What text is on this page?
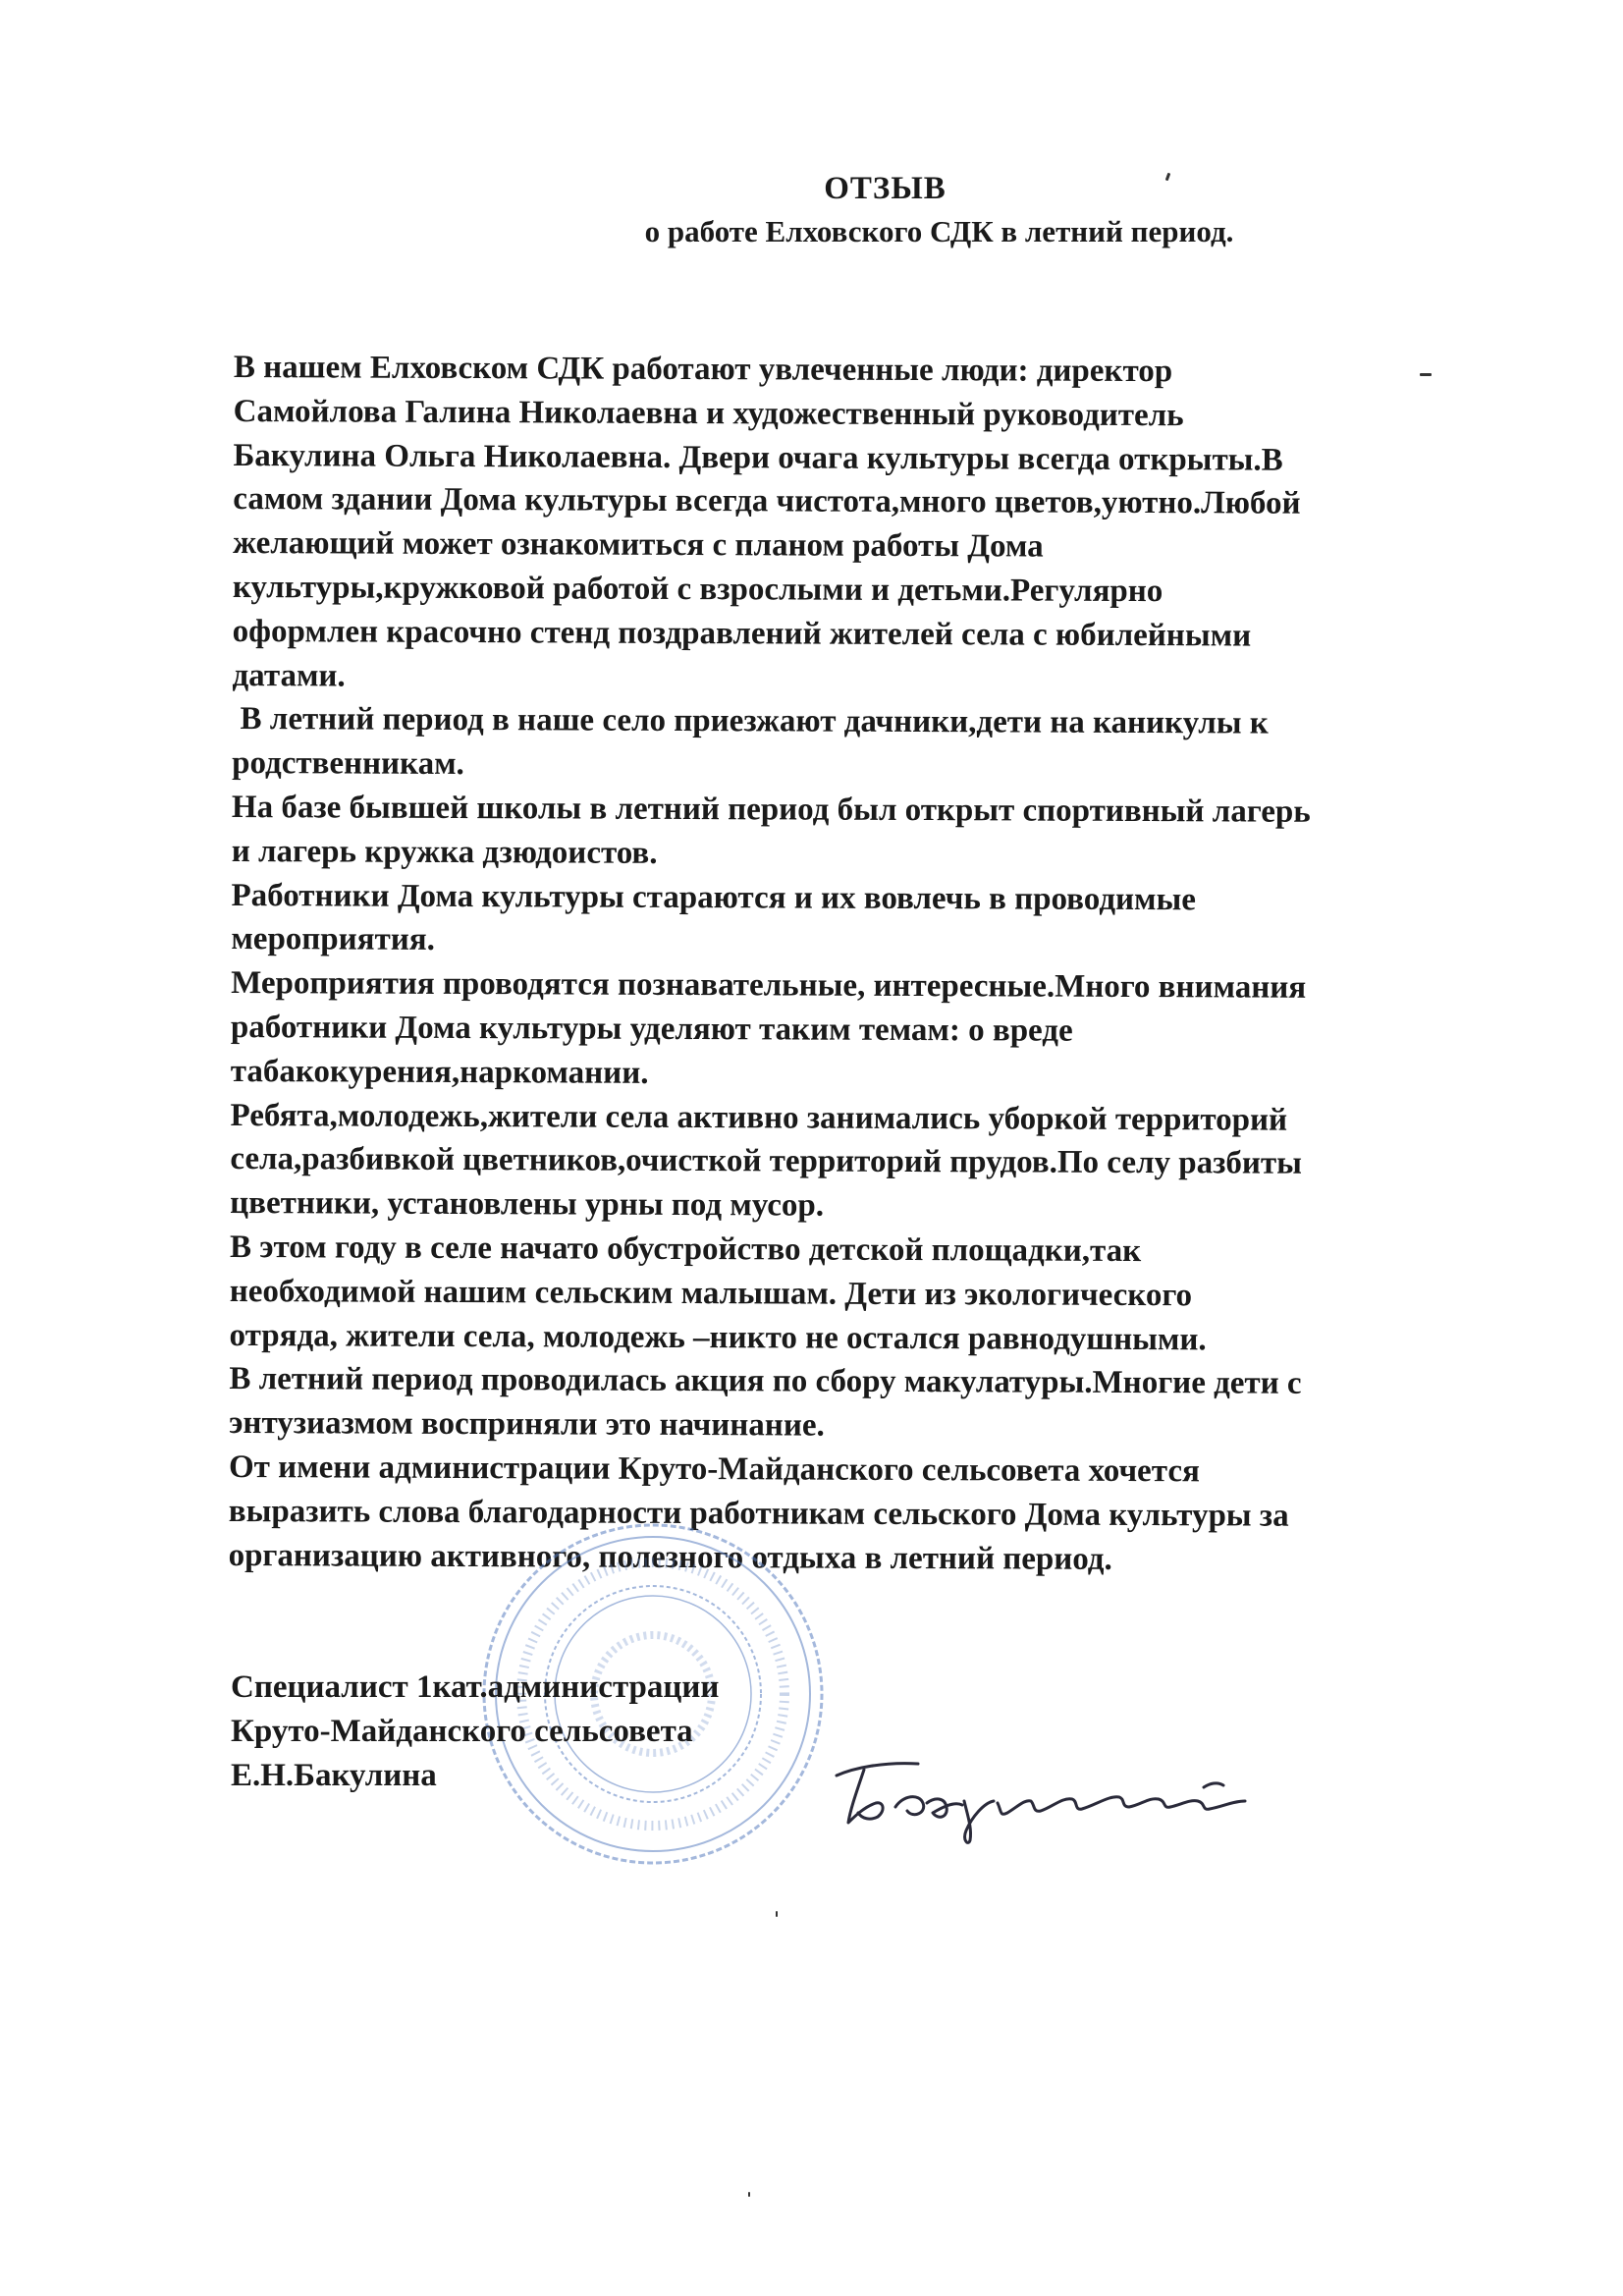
ОТЗЫВ
о работе Елховского СДК в летний период.
В нашем Елховском СДК работают увлеченные люди: директор
Самойлова Галина Николаевна и художественный руководитель
Бакулина Ольга Николаевна. Двери очага культуры всегда открыты.В
самом здании Дома культуры всегда чистота,много цветов,уютно.Любой
желающий может ознакомиться с планом работы Дома
культуры,кружковой работой с взрослыми и детьми.Регулярно
оформлен красочно стенд поздравлений жителей села с юбилейными
датами.
В летний период в наше село приезжают дачники,дети на каникулы к
родственникам.
На базе бывшей школы в летний период был открыт спортивный лагерь
и лагерь кружка дзюдоистов.
Работники Дома культуры стараются и их вовлечь в проводимые
мероприятия.
Мероприятия проводятся познавательные, интересные.Много внимания
работники Дома культуры уделяют таким темам: о вреде
табакокурения,наркомании.
Ребята,молодежь,жители села активно занимались уборкой территорий
села,разбивкой цветников,очисткой территорий прудов.По селу разбиты
цветники, установлены урны под мусор.
В этом году в селе начато обустройство детской площадки,так
необходимой нашим сельским малышам. Дети из экологического
отряда, жители села, молодежь –никто не остался равнодушными.
В летний период проводилась акция по сбору макулатуры.Многие дети с
энтузиазмом восприняли это начинание.
От имени администрации Круто-Майданского сельсовета хочется
выразить слова благодарности работникам сельского Дома культуры за
организацию активного, полезного отдыха в летний период.
Специалист 1кат.администрации
Круто-Майданского сельсовета
Е.Н.Бакулина
